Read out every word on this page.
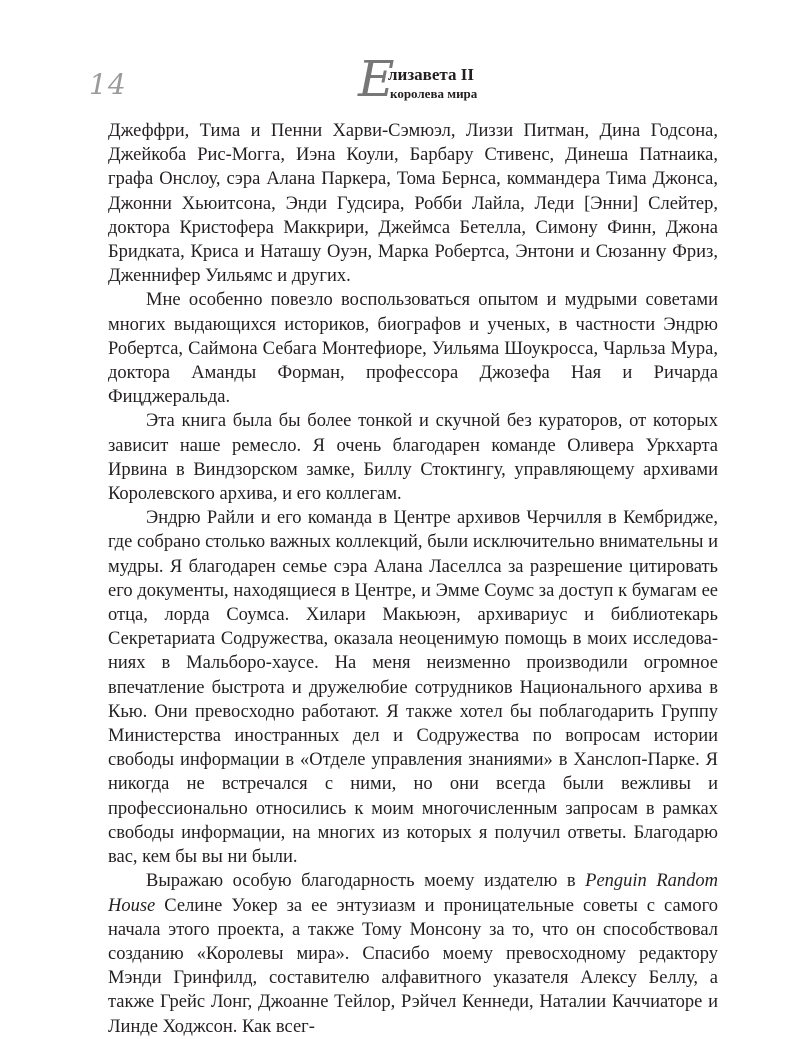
14	Е
лизавета II
королева мира

Джеффри, Тима и Пенни Харви-Сэмюэл, Лиззи Питман, Дина Годсона, Джейкоба Рис-Могга, Иэна Коули, Барбару Стивенс, Динеша Патнаика, графа Онслоу, сэра Алана Паркера, Тома Бернса, коммандера Тима Джонса, Джонни Хьюитсона, Энди Гудсира, Робби Лайла, Леди [Энни] Слейтер, доктора Кристофера Маккрири, Джеймса Бетелла, Симону Финн, Джона Бридката, Криса и Наташу Оуэн, Марка Робертса, Энтони и Сюзанну Фриз, Дженнифер Уильямс и других.

Мне особенно повезло воспользоваться опытом и мудрыми советами многих выдающихся историков, биографов и ученых, в частности Эндрю Робертса, Саймона Себага Монтефиоре, Уильяма Шоукросса, Чарльза Мура, доктора Аманды Форман, профессора Джозефа Ная и Ричарда Фицджеральда.

Эта книга была бы более тонкой и скучной без кураторов, от которых зависит наше ремесло. Я очень благодарен команде Оливера Уркхарта Ирвина в Виндзорском замке, Биллу Стоктингу, управляющему архивами Королевского архива, и его коллегам.

Эндрю Райли и его команда в Центре архивов Черчилля в Кембридже, где собрано столько важных коллекций, были исключительно внимательны и мудры. Я благодарен семье сэра Алана Ласеллса за разрешение цитировать его документы, находящиеся в Центре, и Эмме Соумс за доступ к бумагам ее отца, лорда Соумса. Хилари Макьюэн, архивариус и библиотекарь Секретариата Содружества, оказала неоценимую помощь в моих исследованиях в Мальборо-хаусе. На меня неизменно производили огромное впечатление быстрота и дружелюбие сотрудников Национального архива в Кью. Они превосходно работают. Я также хотел бы поблагодарить Группу Министерства иностранных дел и Содружества по вопросам истории свободы информации в «Отделе управления знаниями» в Ханслоп-Парке. Я никогда не встречался с ними, но они всегда были вежливы и профессионально относились к моим многочисленным запросам в рамках свободы информации, на многих из которых я получил ответы. Благодарю вас, кем бы вы ни были.

Выражаю особую благодарность моему издателю в Penguin Random House Селине Уокер за ее энтузиазм и проницательные советы с самого начала этого проекта, а также Тому Монсону за то, что он способствовал созданию «Королевы мира». Спасибо моему превосходному редактору Мэнди Гринфилд, составителю алфавитного указателя Алексу Беллу, а также Грейс Лонг, Джоанне Тейлор, Рэйчел Кеннеди, Наталии Каччиаторе и Линде Ходжсон. Как всег-
